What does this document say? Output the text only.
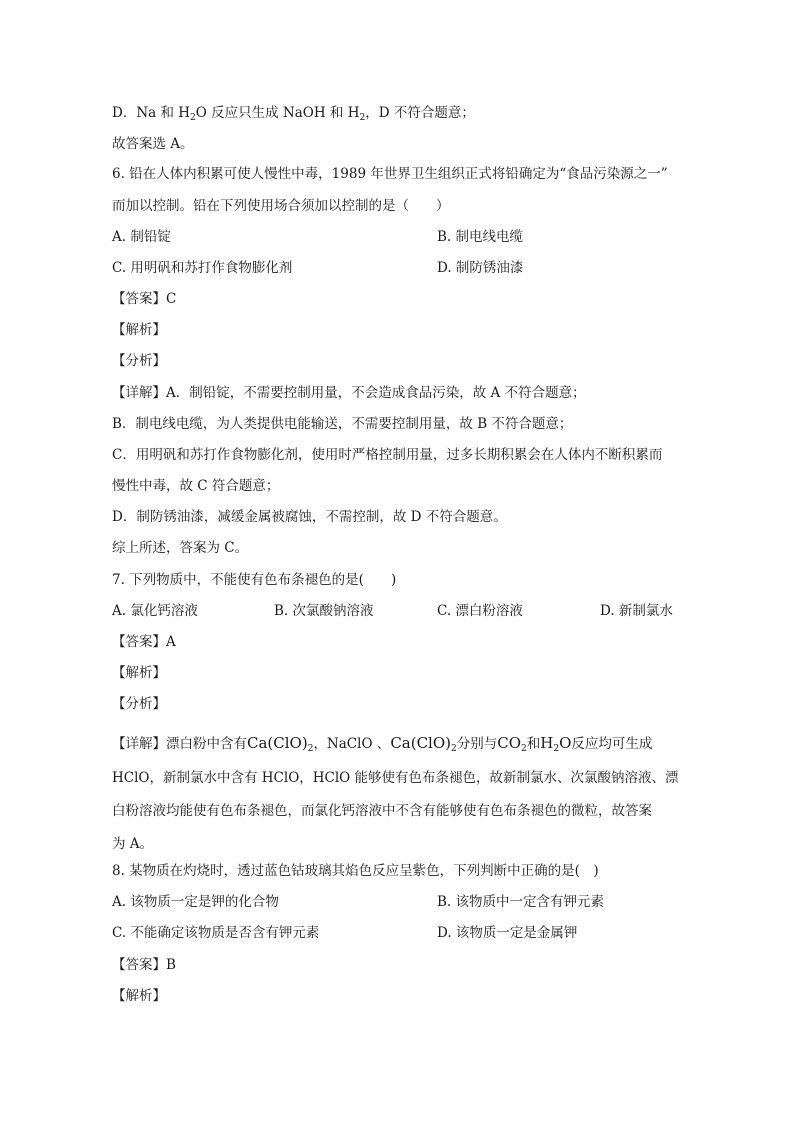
D．Na 和 $H_2O$ 反应只生成 NaOH 和 $H_2$，D 不符合题意；
故答案选 A。
6. 铅在人体内积累可使人慢性中毒，1989 年世界卫生组织正式将铅确定为“食品污染源之一”
而加以控制。铅在下列使用场合须加以控制的是（　　）
A. 制铅锭	B. 制电线电缆
C. 用明矾和苏打作食物膨化剂	D. 制防锈油漆
【答案】C
【解析】
【分析】
【详解】A．制铅锭，不需要控制用量，不会造成食品污染，故 A 不符合题意；
B．制电线电缆，为人类提供电能输送，不需要控制用量，故 B 不符合题意；
C．用明矾和苏打作食物膨化剂，使用时严格控制用量，过多长期积累会在人体内不断积累而
慢性中毒，故 C 符合题意；
D．制防锈油漆，减缓金属被腐蚀，不需控制，故 D 不符合题意。
综上所述，答案为 C。
7. 下列物质中，不能使有色布条褪色的是(　　)
A. 氯化钙溶液	B. 次氯酸钠溶液	C. 漂白粉溶液	D. 新制氯水
【答案】A
【解析】
【分析】
【详解】漂白粉中含有$Ca(ClO)_2$，NaClO 、$Ca(ClO)_2$分别与$CO_2$和$H_2O$反应均可生成
HClO，新制氯水中含有 HClO，HClO 能够使有色布条褪色，故新制氯水、次氯酸钠溶液、漂
白粉溶液均能使有色布条褪色，而氯化钙溶液中不含有能够使有色布条褪色的微粒，故答案
为 A。
8. 某物质在灼烧时，透过蓝色钴玻璃其焰色反应呈紫色，下列判断中正确的是(　)
A. 该物质一定是钾的化合物	B. 该物质中一定含有钾元素
C. 不能确定该物质是否含有钾元素	D. 该物质一定是金属钾
【答案】B
【解析】
